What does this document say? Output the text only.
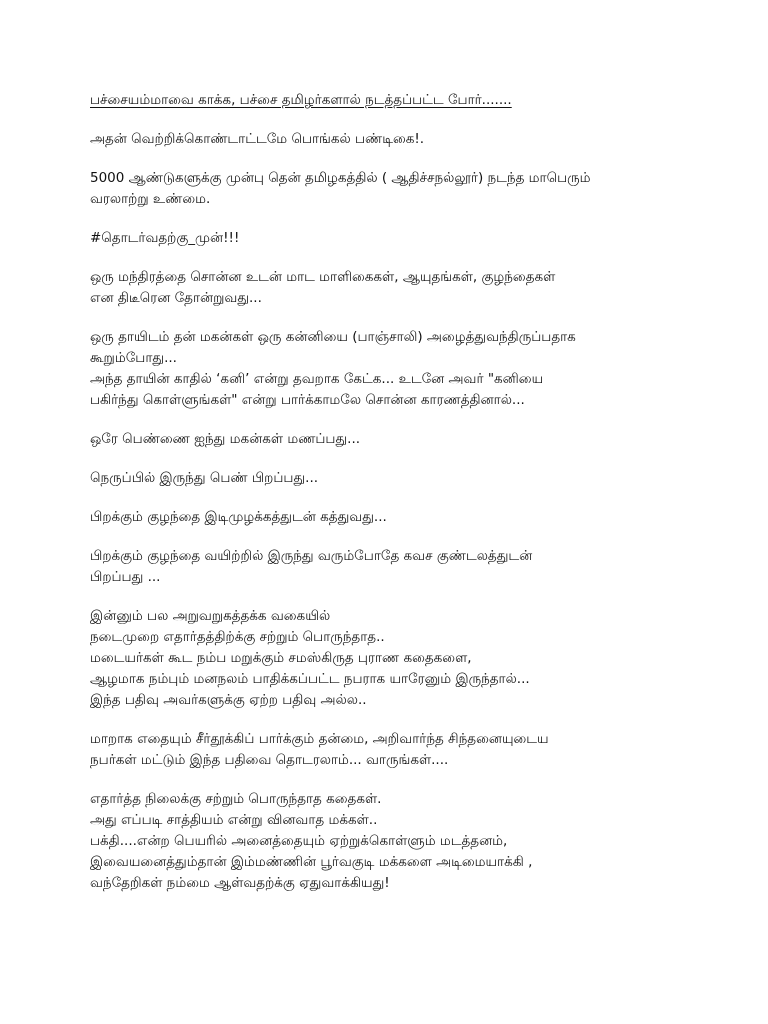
பச்சையம்மாவை காக்க, பச்சை தமிழர்களால் நடத்தப்பட்ட போர்.......
அதன் வெற்றிக்கொண்டாட்டமே பொங்கல் பண்டிகை!.
5000 ஆண்டுகளுக்கு முன்பு தென் தமிழகத்தில் ( ஆதிச்சநல்லூர்) நடந்த மாபெரும்
வரலாற்று உண்மை.
#தொடர்வதற்கு_முன்!!!
ஒரு மந்திரத்தை சொன்ன உடன் மாட மாளிகைகள், ஆயுதங்கள், குழந்தைகள்
என திடீரென தோன்றுவது...
ஒரு தாயிடம் தன் மகன்கள் ஒரு கன்னியை (பாஞ்சாலி) அழைத்துவந்திருப்பதாக
கூறும்போது...
அந்த தாயின் காதில் ‘கனி’ என்று தவறாக கேட்க... உடனே அவர் "கனியை
பகிர்ந்து கொள்ளுங்கள்" என்று பார்க்காமலே சொன்ன காரணத்தினால்...
ஒரே பெண்ணை ஐந்து மகன்கள் மணப்பது...
நெருப்பில் இருந்து பெண் பிறப்பது...
பிறக்கும் குழந்தை இடிமுழக்கத்துடன் கத்துவது...
பிறக்கும் குழந்தை வயிற்றில் இருந்து வரும்போதே கவச குண்டலத்துடன்
பிறப்பது ...
இன்னும் பல அறுவறுகத்தக்க வகையில்
நடைமுறை எதார்தத்திற்க்கு சற்றும் பொருந்தாத..
மடையர்கள் கூட நம்ப மறுக்கும் சமஸ்கிருத புராண கதைகளை,
ஆழமாக நம்பும் மனநலம் பாதிக்கப்பட்ட நபராக யாரேனும் இருந்தால்...
இந்த பதிவு அவர்களுக்கு ஏற்ற பதிவு அல்ல..
மாறாக எதையும் சீர்தூக்கிப் பார்க்கும் தன்மை, அறிவார்ந்த சிந்தனையுடைய
நபர்கள் மட்டும் இந்த பதிவை தொடரலாம்... வாருங்கள்....
எதார்த்த நிலைக்கு சற்றும் பொருந்தாத கதைகள்.
அது எப்படி சாத்தியம் என்று வினவாத மக்கள்..
பக்தி....என்ற பெயரில் அனைத்தையும் ஏற்றுக்கொள்ளும் மடத்தனம்,
இவையனைத்தும்தான் இம்மண்ணின் பூர்வகுடி மக்களை அடிமையாக்கி ,
வந்தேறிகள் நம்மை ஆள்வதற்க்கு ஏதுவாக்கியது!
